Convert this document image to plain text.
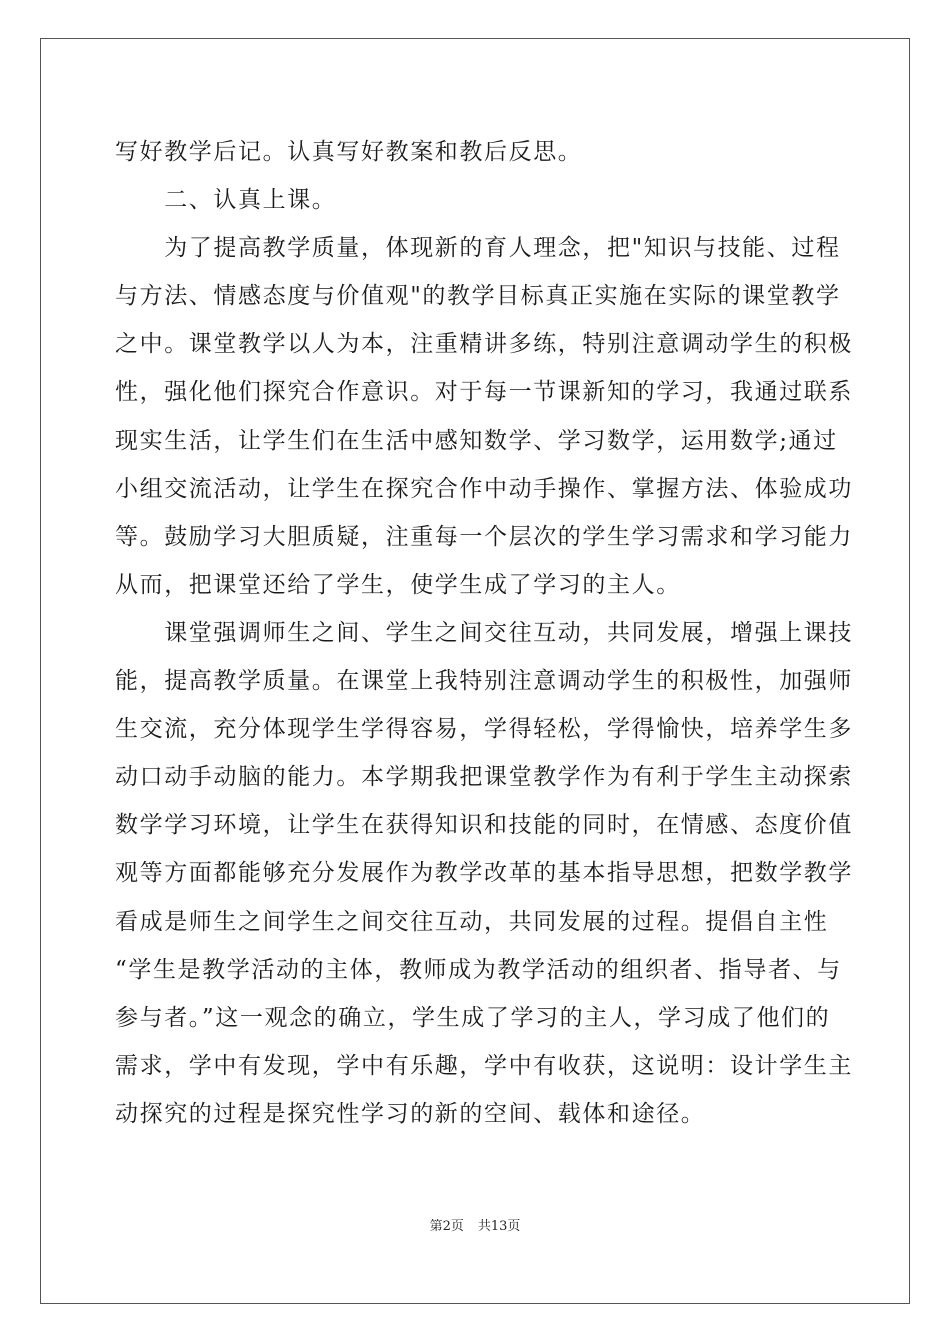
写好教学后记。认真写好教案和教后反思。
　　二、认真上课。
　　为了提高教学质量，体现新的育人理念，把"知识与技能、过程
与方法、情感态度与价值观"的教学目标真正实施在实际的课堂教学
之中。课堂教学以人为本，注重精讲多练，特别注意调动学生的积极
性，强化他们探究合作意识。对于每一节课新知的学习，我通过联系
现实生活，让学生们在生活中感知数学、学习数学，运用数学;通过
小组交流活动，让学生在探究合作中动手操作、掌握方法、体验成功
等。鼓励学习大胆质疑，注重每一个层次的学生学习需求和学习能力
从而，把课堂还给了学生，使学生成了学习的主人。
　　课堂强调师生之间、学生之间交往互动，共同发展，增强上课技
能，提高教学质量。在课堂上我特别注意调动学生的积极性，加强师
生交流，充分体现学生学得容易，学得轻松，学得愉快，培养学生多
动口动手动脑的能力。本学期我把课堂教学作为有利于学生主动探索
数学学习环境，让学生在获得知识和技能的同时，在情感、态度价值
观等方面都能够充分发展作为教学改革的基本指导思想，把数学教学
看成是师生之间学生之间交往互动，共同发展的过程。提倡自主性
“学生是教学活动的主体，教师成为教学活动的组织者、指导者、与
参与者。”这一观念的确立，学生成了学习的主人，学习成了他们的
需求，学中有发现，学中有乐趣，学中有收获，这说明：设计学生主
动探究的过程是探究性学习的新的空间、载体和途径。
第2页 共13页
